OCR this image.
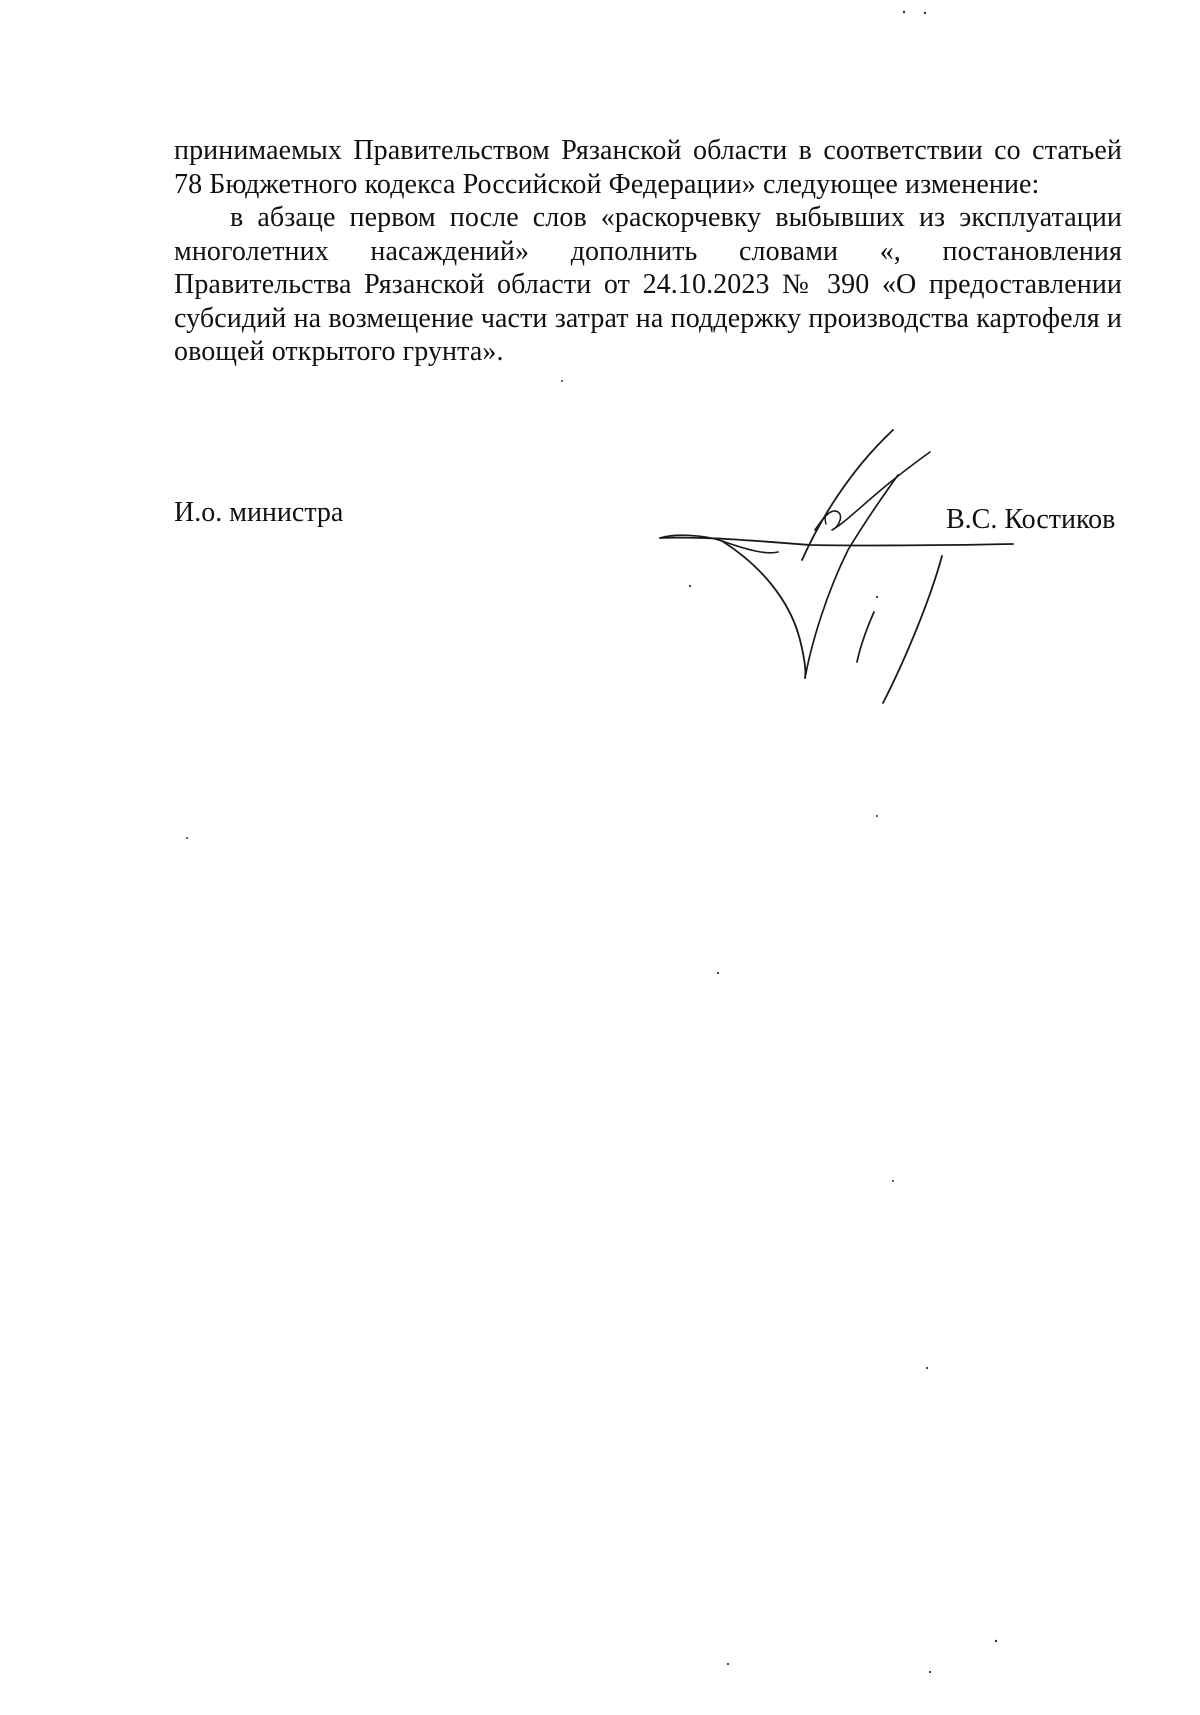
принимаемых Правительством Рязанской области в соответствии со статьей 78 Бюджетного кодекса Российской Федерации» следующее изменение:

в абзаце первом после слов «раскорчевку выбывших из эксплуатации многолетних насаждений» дополнить словами «, постановления Правительства Рязанской области от 24.10.2023 № 390 «О предоставлении субсидий на возмещение части затрат на поддержку производства картофеля и овощей открытого грунта».

И.о. министра	В.С. Костиков
